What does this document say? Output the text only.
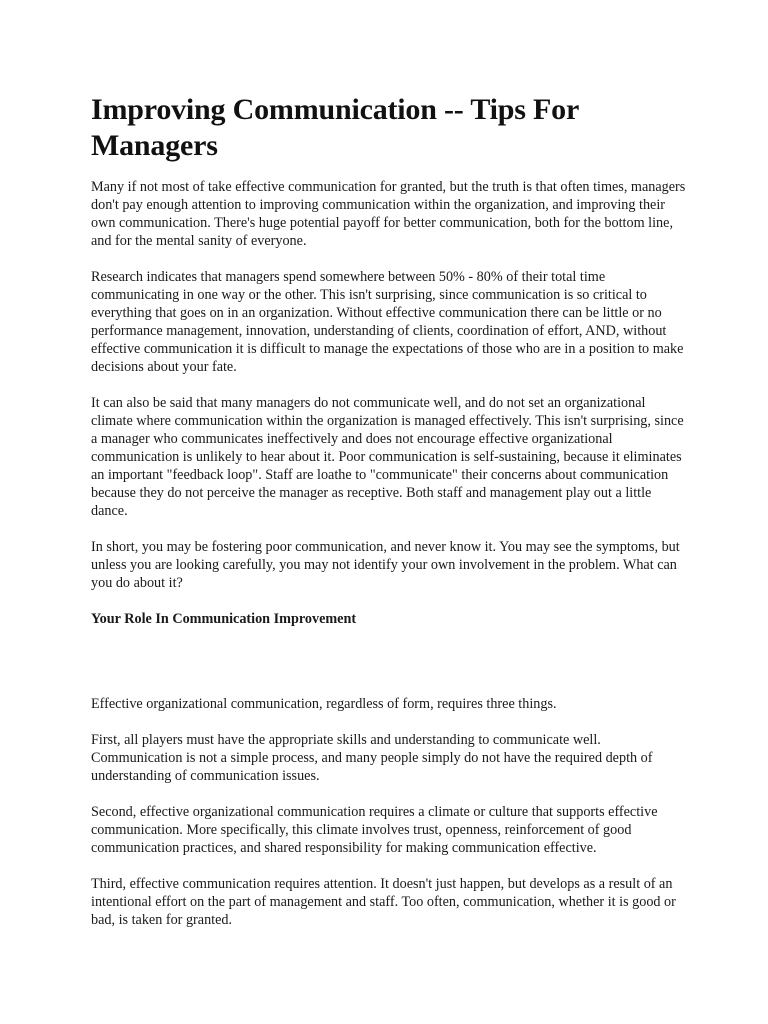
Improving Communication -- Tips For Managers

Many if not most of take effective communication for granted, but the truth is that often times, managers don't pay enough attention to improving communication within the organization, and improving their own communication. There's huge potential payoff for better communication, both for the bottom line, and for the mental sanity of everyone.

Research indicates that managers spend somewhere between 50% - 80% of their total time communicating in one way or the other. This isn't surprising, since communication is so critical to everything that goes on in an organization. Without effective communication there can be little or no performance management, innovation, understanding of clients, coordination of effort, AND, without effective communication it is difficult to manage the expectations of those who are in a position to make decisions about your fate.

It can also be said that many managers do not communicate well, and do not set an organizational climate where communication within the organization is managed effectively. This isn't surprising, since a manager who communicates ineffectively and does not encourage effective organizational communication is unlikely to hear about it. Poor communication is self-sustaining, because it eliminates an important "feedback loop". Staff are loathe to "communicate" their concerns about communication because they do not perceive the manager as receptive. Both staff and management play out a little dance.

In short, you may be fostering poor communication, and never know it. You may see the symptoms, but unless you are looking carefully, you may not identify your own involvement in the problem. What can you do about it?

Your Role In Communication Improvement

Effective organizational communication, regardless of form, requires three things.

First, all players must have the appropriate skills and understanding to communicate well. Communication is not a simple process, and many people simply do not have the required depth of understanding of communication issues.

Second, effective organizational communication requires a climate or culture that supports effective communication. More specifically, this climate involves trust, openness, reinforcement of good communication practices, and shared responsibility for making communication effective.

Third, effective communication requires attention. It doesn't just happen, but develops as a result of an intentional effort on the part of management and staff. Too often, communication, whether it is good or bad, is taken for granted.
